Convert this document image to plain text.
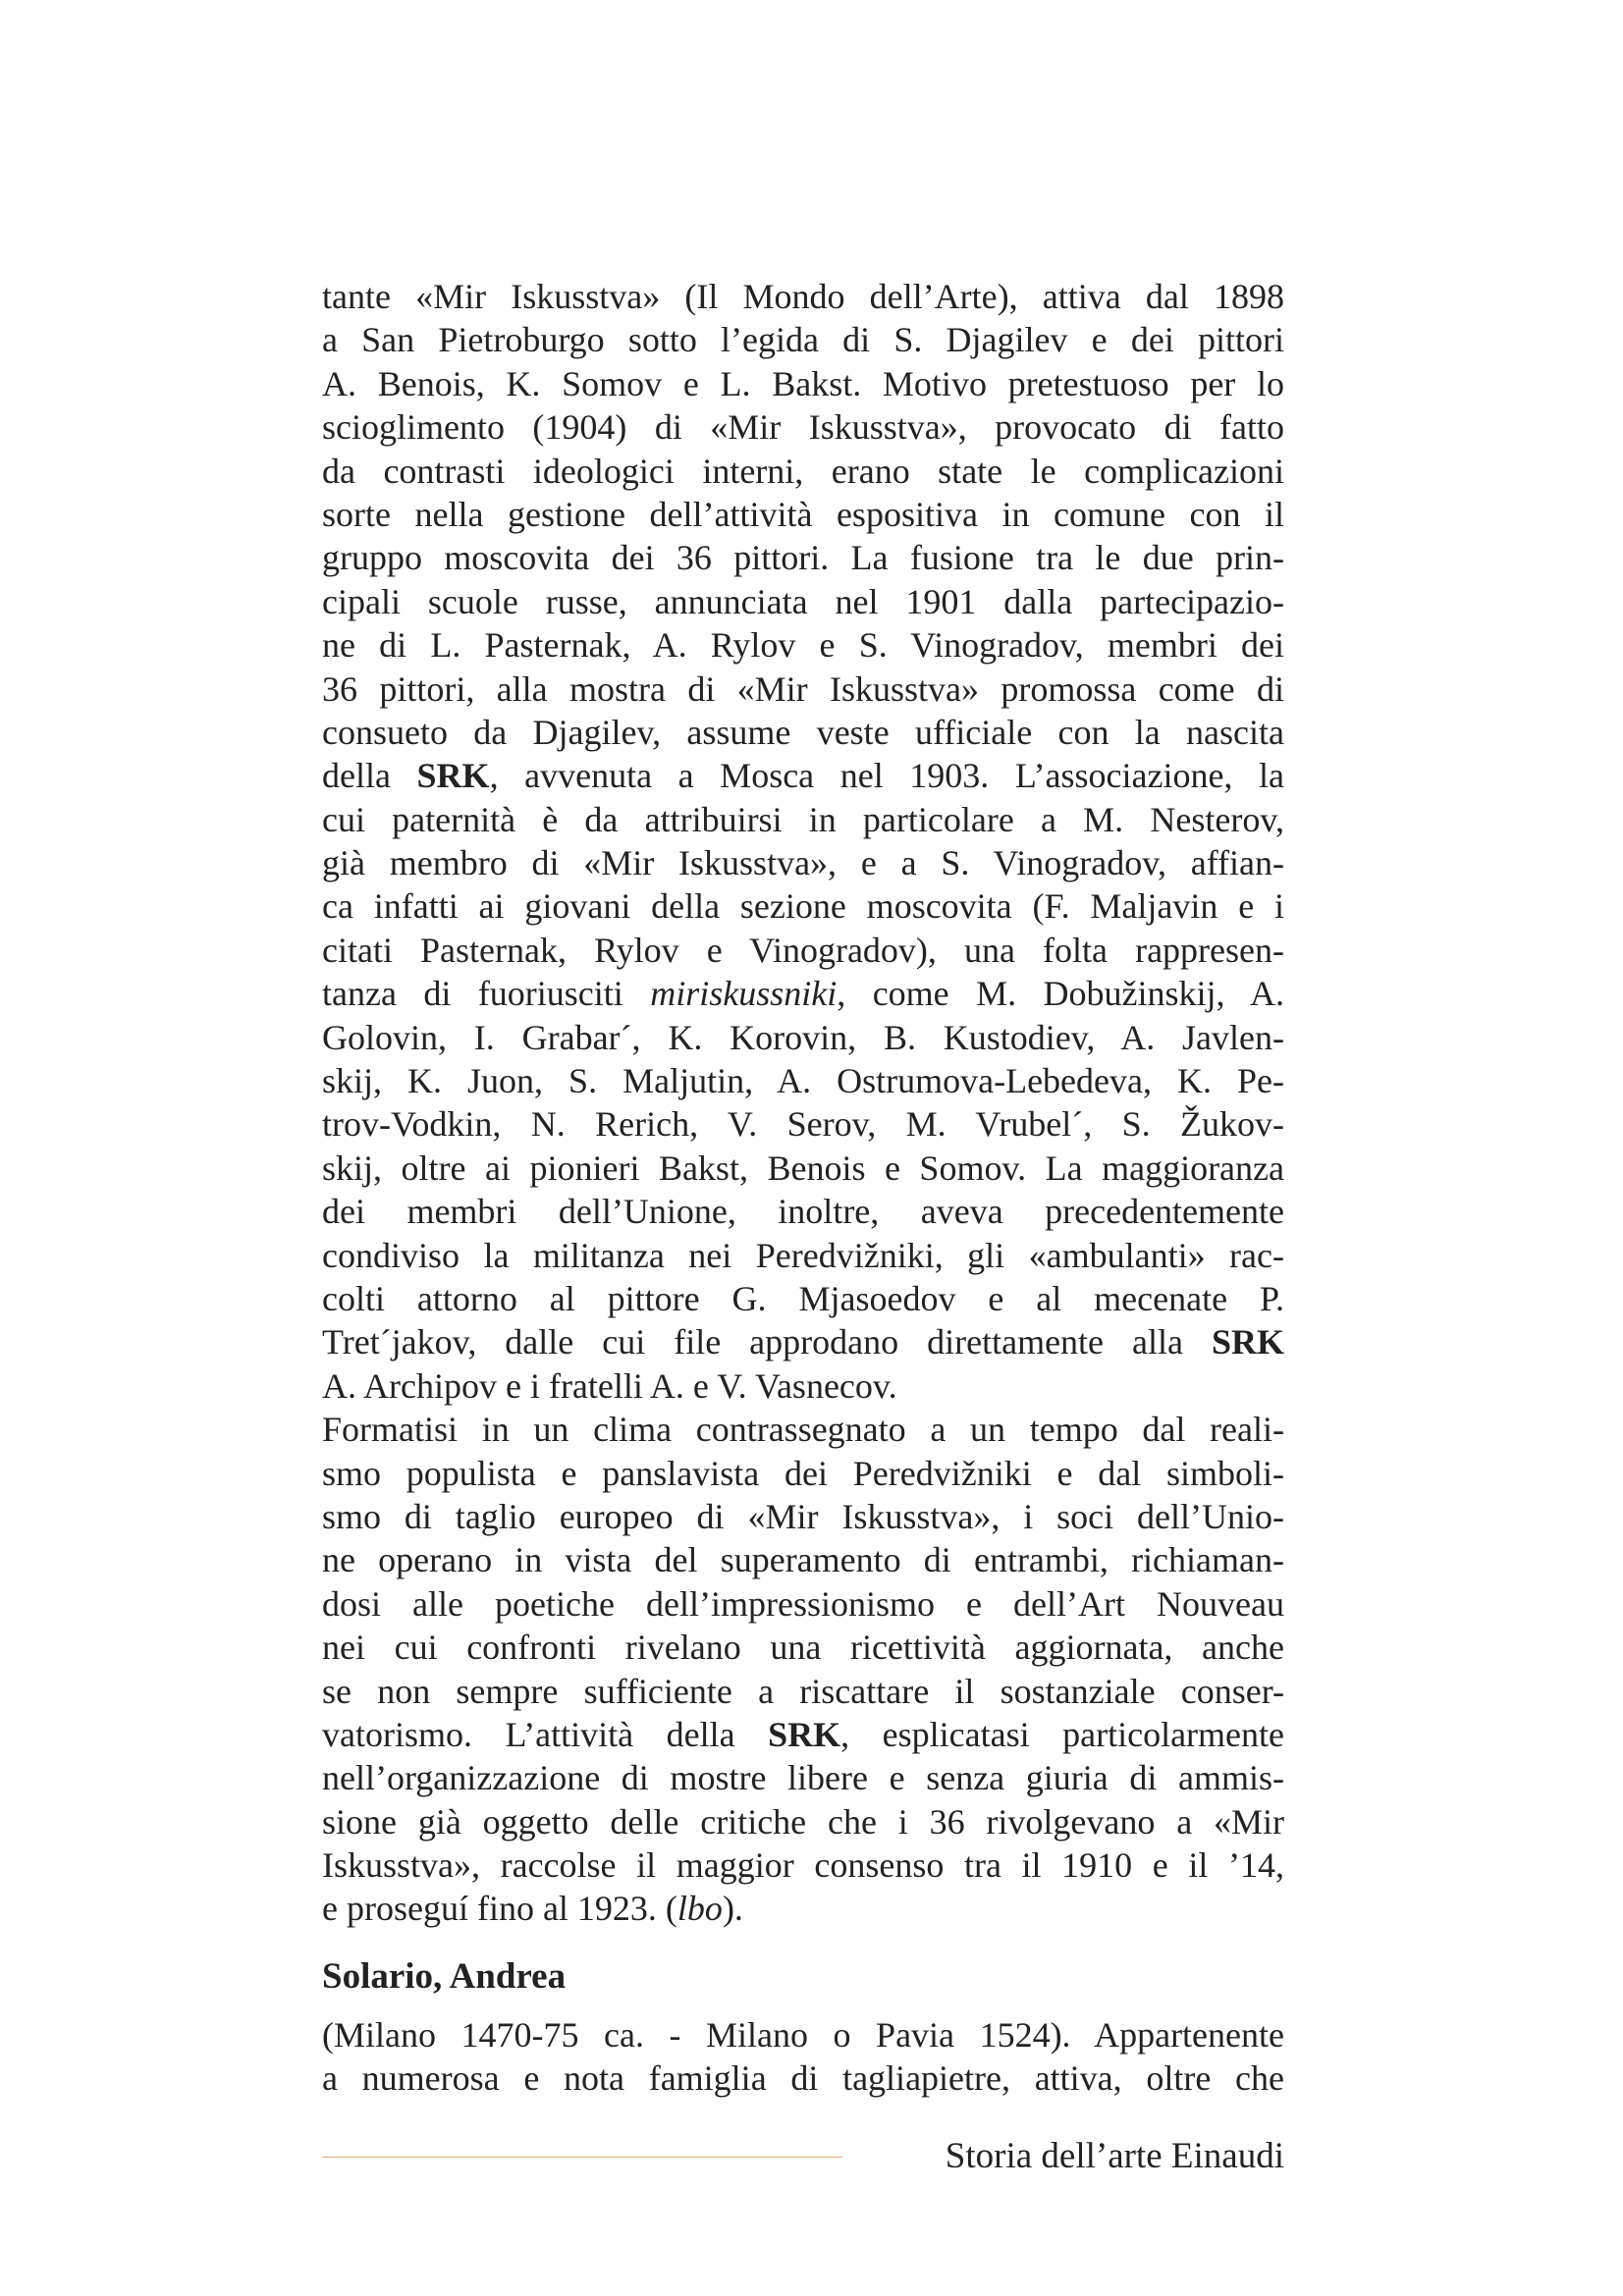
tante «Mir Iskusstva» (Il Mondo dell’Arte), attiva dal 1898
a San Pietroburgo sotto l’egida di S. Djagilev e dei pittori
A. Benois, K. Somov e L. Bakst. Motivo pretestuoso per lo
scioglimento (1904) di «Mir Iskusstva», provocato di fatto
da contrasti ideologici interni, erano state le complicazioni
sorte nella gestione dell’attività espositiva in comune con il
gruppo moscovita dei 36 pittori. La fusione tra le due prin-
cipali scuole russe, annunciata nel 1901 dalla partecipazio-
ne di L. Pasternak, A. Rylov e S. Vinogradov, membri dei
36 pittori, alla mostra di «Mir Iskusstva» promossa come di
consueto da Djagilev, assume veste ufficiale con la nascita
della SRK, avvenuta a Mosca nel 1903. L’associazione, la
cui paternità è da attribuirsi in particolare a M. Nesterov,
già membro di «Mir Iskusstva», e a S. Vinogradov, affian-
ca infatti ai giovani della sezione moscovita (F. Maljavin e i
citati Pasternak, Rylov e Vinogradov), una folta rappresen-
tanza di fuoriusciti miriskussniki, come M. Dobužinskij, A.
Golovin, I. Grabar´, K. Korovin, B. Kustodiev, A. Javlen-
skij, K. Juon, S. Maljutin, A. Ostrumova-Lebedeva, K. Pe-
trov-Vodkin, N. Rerich, V. Serov, M. Vrubel´, S. Žukov-
skij, oltre ai pionieri Bakst, Benois e Somov. La maggioranza
dei membri dell’Unione, inoltre, aveva precedentemente
condiviso la militanza nei Peredvižniki, gli «ambulanti» rac-
colti attorno al pittore G. Mjasoedov e al mecenate P.
Tret´jakov, dalle cui file approdano direttamente alla SRK
A. Archipov e i fratelli A. e V. Vasnecov.
Formatisi in un clima contrassegnato a un tempo dal reali-
smo populista e panslavista dei Peredvižniki e dal simboli-
smo di taglio europeo di «Mir Iskusstva», i soci dell’Unio-
ne operano in vista del superamento di entrambi, richiaman-
dosi alle poetiche dell’impressionismo e dell’Art Nouveau
nei cui confronti rivelano una ricettività aggiornata, anche
se non sempre sufficiente a riscattare il sostanziale conser-
vatorismo. L’attività della SRK, esplicatasi particolarmente
nell’organizzazione di mostre libere e senza giuria di ammis-
sione già oggetto delle critiche che i 36 rivolgevano a «Mir
Iskusstva», raccolse il maggior consenso tra il 1910 e il ’14,
e proseguí fino al 1923. (lbo).
Solario, Andrea
(Milano 1470-75 ca. - Milano o Pavia 1524). Appartenente
a numerosa e nota famiglia di tagliapietre, attiva, oltre che
Storia dell’arte Einaudi
